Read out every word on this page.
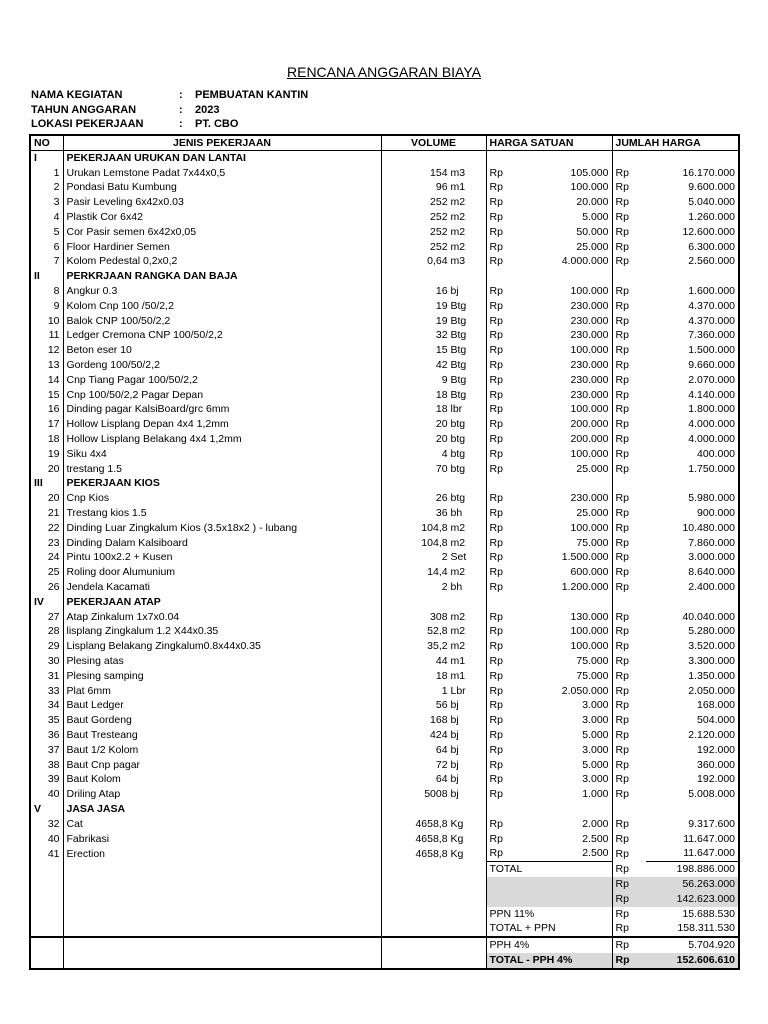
RENCANA ANGGARAN BIAYA
NAMA KEGIATAN	: PEMBUATAN KANTIN
TAHUN ANGGARAN	: 2023
LOKASI PEKERJAAN	: PT. CBO
NO	JENIS PEKERJAAN	VOLUME	HARGA SATUAN		JUMLAH HARGA	
I	PEKERJAAN URUKAN DAN LANTAI					
1	Urukan Lemstone Padat 7x44x0,5	154 m3	Rp	105.000	Rp	16.170.000
2	Pondasi Batu Kumbung	96 m1	Rp	100.000	Rp	9.600.000
3	Pasir Leveling 6x42x0.03	252 m2	Rp	20.000	Rp	5.040.000
4	Plastik Cor 6x42	252 m2	Rp	5.000	Rp	1.260.000
5	Cor Pasir semen 6x42x0,05	252 m2	Rp	50.000	Rp	12.600.000
6	Floor Hardiner Semen	252 m2	Rp	25.000	Rp	6.300.000
7	Kolom Pedestal 0,2x0,2	0,64 m3	Rp	4.000.000	Rp	2.560.000
II	PERKRJAAN RANGKA DAN BAJA					
8	Angkur 0.3	16 bj	Rp	100.000	Rp	1.600.000
9	Kolom Cnp 100 /50/2,2	19 Btg	Rp	230.000	Rp	4.370.000
10	Balok CNP 100/50/2,2	19 Btg	Rp	230.000	Rp	4.370.000
11	Ledger Cremona CNP 100/50/2,2	32 Btg	Rp	230.000	Rp	7.360.000
12	Beton eser 10	15 Btg	Rp	100.000	Rp	1.500.000
13	Gordeng 100/50/2,2	42 Btg	Rp	230.000	Rp	9.660.000
14	Cnp Tiang Pagar 100/50/2,2	9 Btg	Rp	230.000	Rp	2.070.000
15	Cnp 100/50/2,2 Pagar Depan	18 Btg	Rp	230.000	Rp	4.140.000
16	Dinding pagar KalsiBoard/grc 6mm	18 lbr	Rp	100.000	Rp	1.800.000
17	Hollow Lisplang Depan 4x4 1,2mm	20 btg	Rp	200.000	Rp	4.000.000
18	Hollow Lisplang Belakang 4x4 1,2mm	20 btg	Rp	200.000	Rp	4.000.000
19	Siku 4x4	4 btg	Rp	100.000	Rp	400.000
20	trestang 1.5	70 btg	Rp	25.000	Rp	1.750.000
III	PEKERJAAN KIOS					
20	Cnp Kios	26 btg	Rp	230.000	Rp	5.980.000
21	Trestang kios 1.5	36 bh	Rp	25.000	Rp	900.000
22	Dinding Luar Zingkalum Kios (3.5x18x2 ) - lubang	104,8 m2	Rp	100.000	Rp	10.480.000
23	Dinding Dalam Kalsiboard	104,8 m2	Rp	75.000	Rp	7.860.000
24	Pintu 100x2.2 + Kusen	2 Set	Rp	1.500.000	Rp	3.000.000
25	Roling door Alumunium	14,4 m2	Rp	600.000	Rp	8.640.000
26	Jendela Kacamati	2 bh	Rp	1.200.000	Rp	2.400.000
IV	PEKERJAAN ATAP					
27	Atap Zinkalum 1x7x0.04	308 m2	Rp	130.000	Rp	40.040.000
28	lisplang Zingkalum 1.2 X44x0.35	52,8 m2	Rp	100.000	Rp	5.280.000
29	Lisplang Belakang Zingkalum0.8x44x0.35	35,2 m2	Rp	100.000	Rp	3.520.000
30	Plesing atas	44 m1	Rp	75.000	Rp	3.300.000
31	Plesing samping	18 m1	Rp	75.000	Rp	1.350.000
33	Plat 6mm	1 Lbr	Rp	2.050.000	Rp	2.050.000
34	Baut Ledger	56 bj	Rp	3.000	Rp	168.000
35	Baut Gordeng	168 bj	Rp	3.000	Rp	504.000
36	Baut Tresteang	424 bj	Rp	5.000	Rp	2.120.000
37	Baut 1/2 Kolom	64 bj	Rp	3.000	Rp	192.000
38	Baut Cnp pagar	72 bj	Rp	5.000	Rp	360.000
39	Baut Kolom	64 bj	Rp	3.000	Rp	192.000
40	Driling Atap	5008 bj	Rp	1.000	Rp	5.008.000
V	JASA JASA					
32	Cat	4658,8 Kg	Rp	2.000	Rp	9.317.600
40	Fabrikasi	4658,8 Kg	Rp	2.500	Rp	11.647.000
41	Erection	4658,8 Kg	Rp	2.500	Rp	11.647.000
			TOTAL		Rp	198.886.000
					Rp	56.263.000
					Rp	142.623.000
			PPN 11%		Rp	15.688.530
			TOTAL + PPN		Rp	158.311.530
			PPH 4%		Rp	5.704.920
			TOTAL - PPH 4%		Rp	152.606.610
